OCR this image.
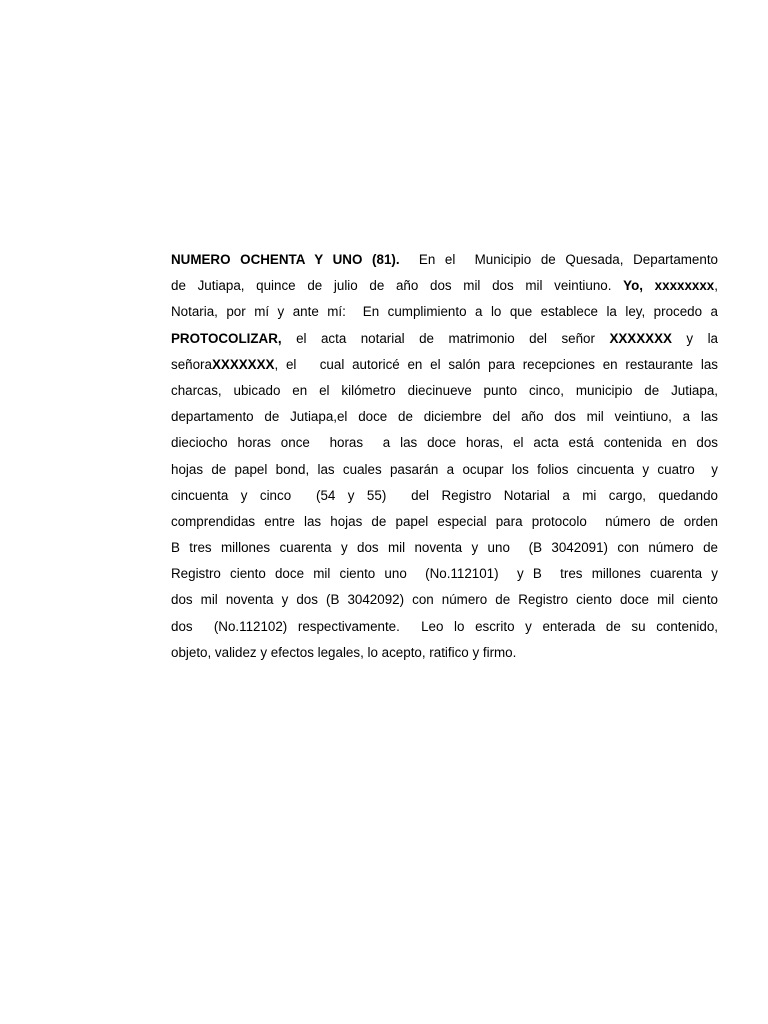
NUMERO OCHENTA Y UNO (81).  En el  Municipio de Quesada, Departamento
de Jutiapa, quince de julio de año dos mil dos mil veintiuno. Yo, xxxxxxxx,
Notaria, por mí y ante mí:  En cumplimiento a lo que establece la ley, procedo a
PROTOCOLIZAR, el acta notarial de matrimonio del señor XXXXXXX y la
señoraXXXXXXX, el   cual autoricé en el salón para recepciones en restaurante las
charcas, ubicado en el kilómetro diecinueve punto cinco, municipio de Jutiapa,
departamento de Jutiapa,el doce de diciembre del año dos mil veintiuno, a las
dieciocho horas once  horas  a las doce horas, el acta está contenida en dos
hojas de papel bond, las cuales pasarán a ocupar los folios cincuenta y cuatro  y
cincuenta y cinco  (54 y 55)  del Registro Notarial a mi cargo, quedando
comprendidas entre las hojas de papel especial para protocolo  número de orden
B tres millones cuarenta y dos mil noventa y uno  (B 3042091) con número de
Registro ciento doce mil ciento uno  (No.112101)  y B  tres millones cuarenta y
dos mil noventa y dos (B 3042092) con número de Registro ciento doce mil ciento
dos  (No.112102) respectivamente.  Leo lo escrito y enterada de su contenido,
objeto, validez y efectos legales, lo acepto, ratifico y firmo.
